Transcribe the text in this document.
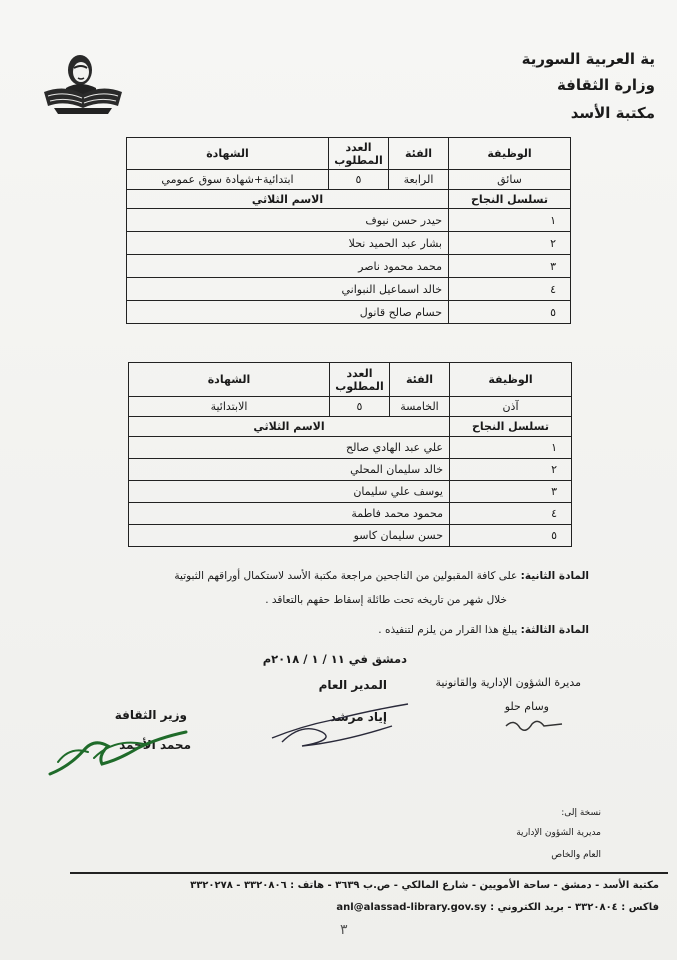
ية العربية السورية
وزارة الثقافة
مكتبة الأسد
الوظيفة	الفئة	العدد المطلوب	الشهادة
سائق	الرابعة	٥	ابتدائية+شهادة سوق عمومي
تسلسل النجاح	الاسم الثلاثي		
١	حيدر حسن نيوف		
٢	بشار عبد الحميد نحلا		
٣	محمد محمود ناصر		
٤	خالد اسماعيل النبواني		
٥	حسام صالح قانول		
الوظيفة	الفئة	العدد المطلوب	الشهادة
آذن	الخامسة	٥	الابتدائية
تسلسل النجاح	الاسم الثلاثي		
١	علي عبد الهادي صالح		
٢	خالد سليمان المحلي		
٣	يوسف علي سليمان		
٤	محمود محمد فاطمة		
٥	حسن سليمان كاسو		
المادة الثانية: على كافة المقبولين من الناجحين مراجعة مكتبة الأسد لاستكمال أوراقهم الثبوتية
خلال شهر من تاريخه تحت طائلة إسقاط حقهم بالتعاقد .
المادة الثالثة: يبلغ هذا القرار من يلزم لتنفيذه .
دمشق في ١١ / ١ / ٢٠١٨م
مديرة الشؤون الإدارية والقانونية
وسام حلو
المدير العام
إياد مرشد
وزير الثقافة
محمد الأحمد
نسخة إلى:
مديرية الشؤون الإدارية
العام والخاص
مكتبة الأسد - دمشق - ساحة الأمويين - شارع المالكي - ص.ب ٣٦٣٩ - هاتف : ٣٣٢٠٨٠٦ - ٣٣٢٠٢٧٨
فاكس : ٣٣٢٠٨٠٤ - بريد الكتروني : anl@alassad-library.gov.sy
٣
